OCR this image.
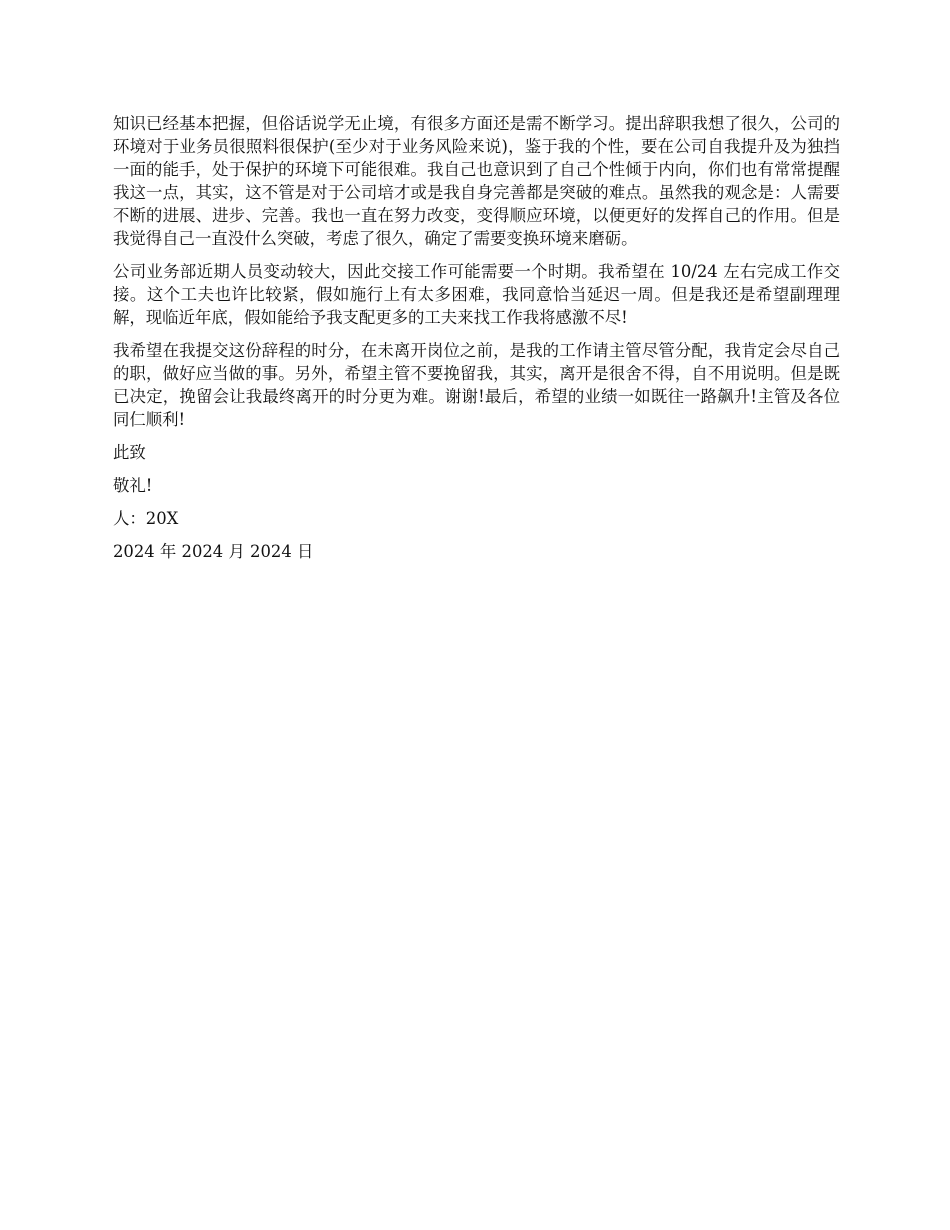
知识已经基本把握，但俗话说学无止境，有很多方面还是需不断学习。提出辞职我想了很久，公司的环境对于业务员很照料很保护(至少对于业务风险来说)，鉴于我的个性，要在公司自我提升及为独挡一面的能手，处于保护的环境下可能很难。我自己也意识到了自己个性倾于内向，你们也有常常提醒我这一点，其实，这不管是对于公司培才或是我自身完善都是突破的难点。虽然我的观念是：人需要不断的进展、进步、完善。我也一直在努力改变，变得顺应环境，以便更好的发挥自己的作用。但是我觉得自己一直没什么突破，考虑了很久，确定了需要变换环境来磨砺。

公司业务部近期人员变动较大，因此交接工作可能需要一个时期。我希望在 10/24 左右完成工作交接。这个工夫也许比较紧，假如施行上有太多困难，我同意恰当延迟一周。但是我还是希望副理理解，现临近年底，假如能给予我支配更多的工夫来找工作我将感激不尽!

我希望在我提交这份辞程的时分，在未离开岗位之前，是我的工作请主管尽管分配，我肯定会尽自己的职，做好应当做的事。另外，希望主管不要挽留我，其实，离开是很舍不得，自不用说明。但是既已决定，挽留会让我最终离开的时分更为难。谢谢!最后，希望的业绩一如既往一路飙升!主管及各位同仁顺利!

此致

敬礼!

人：20X

2024 年 2024 月 2024 日
